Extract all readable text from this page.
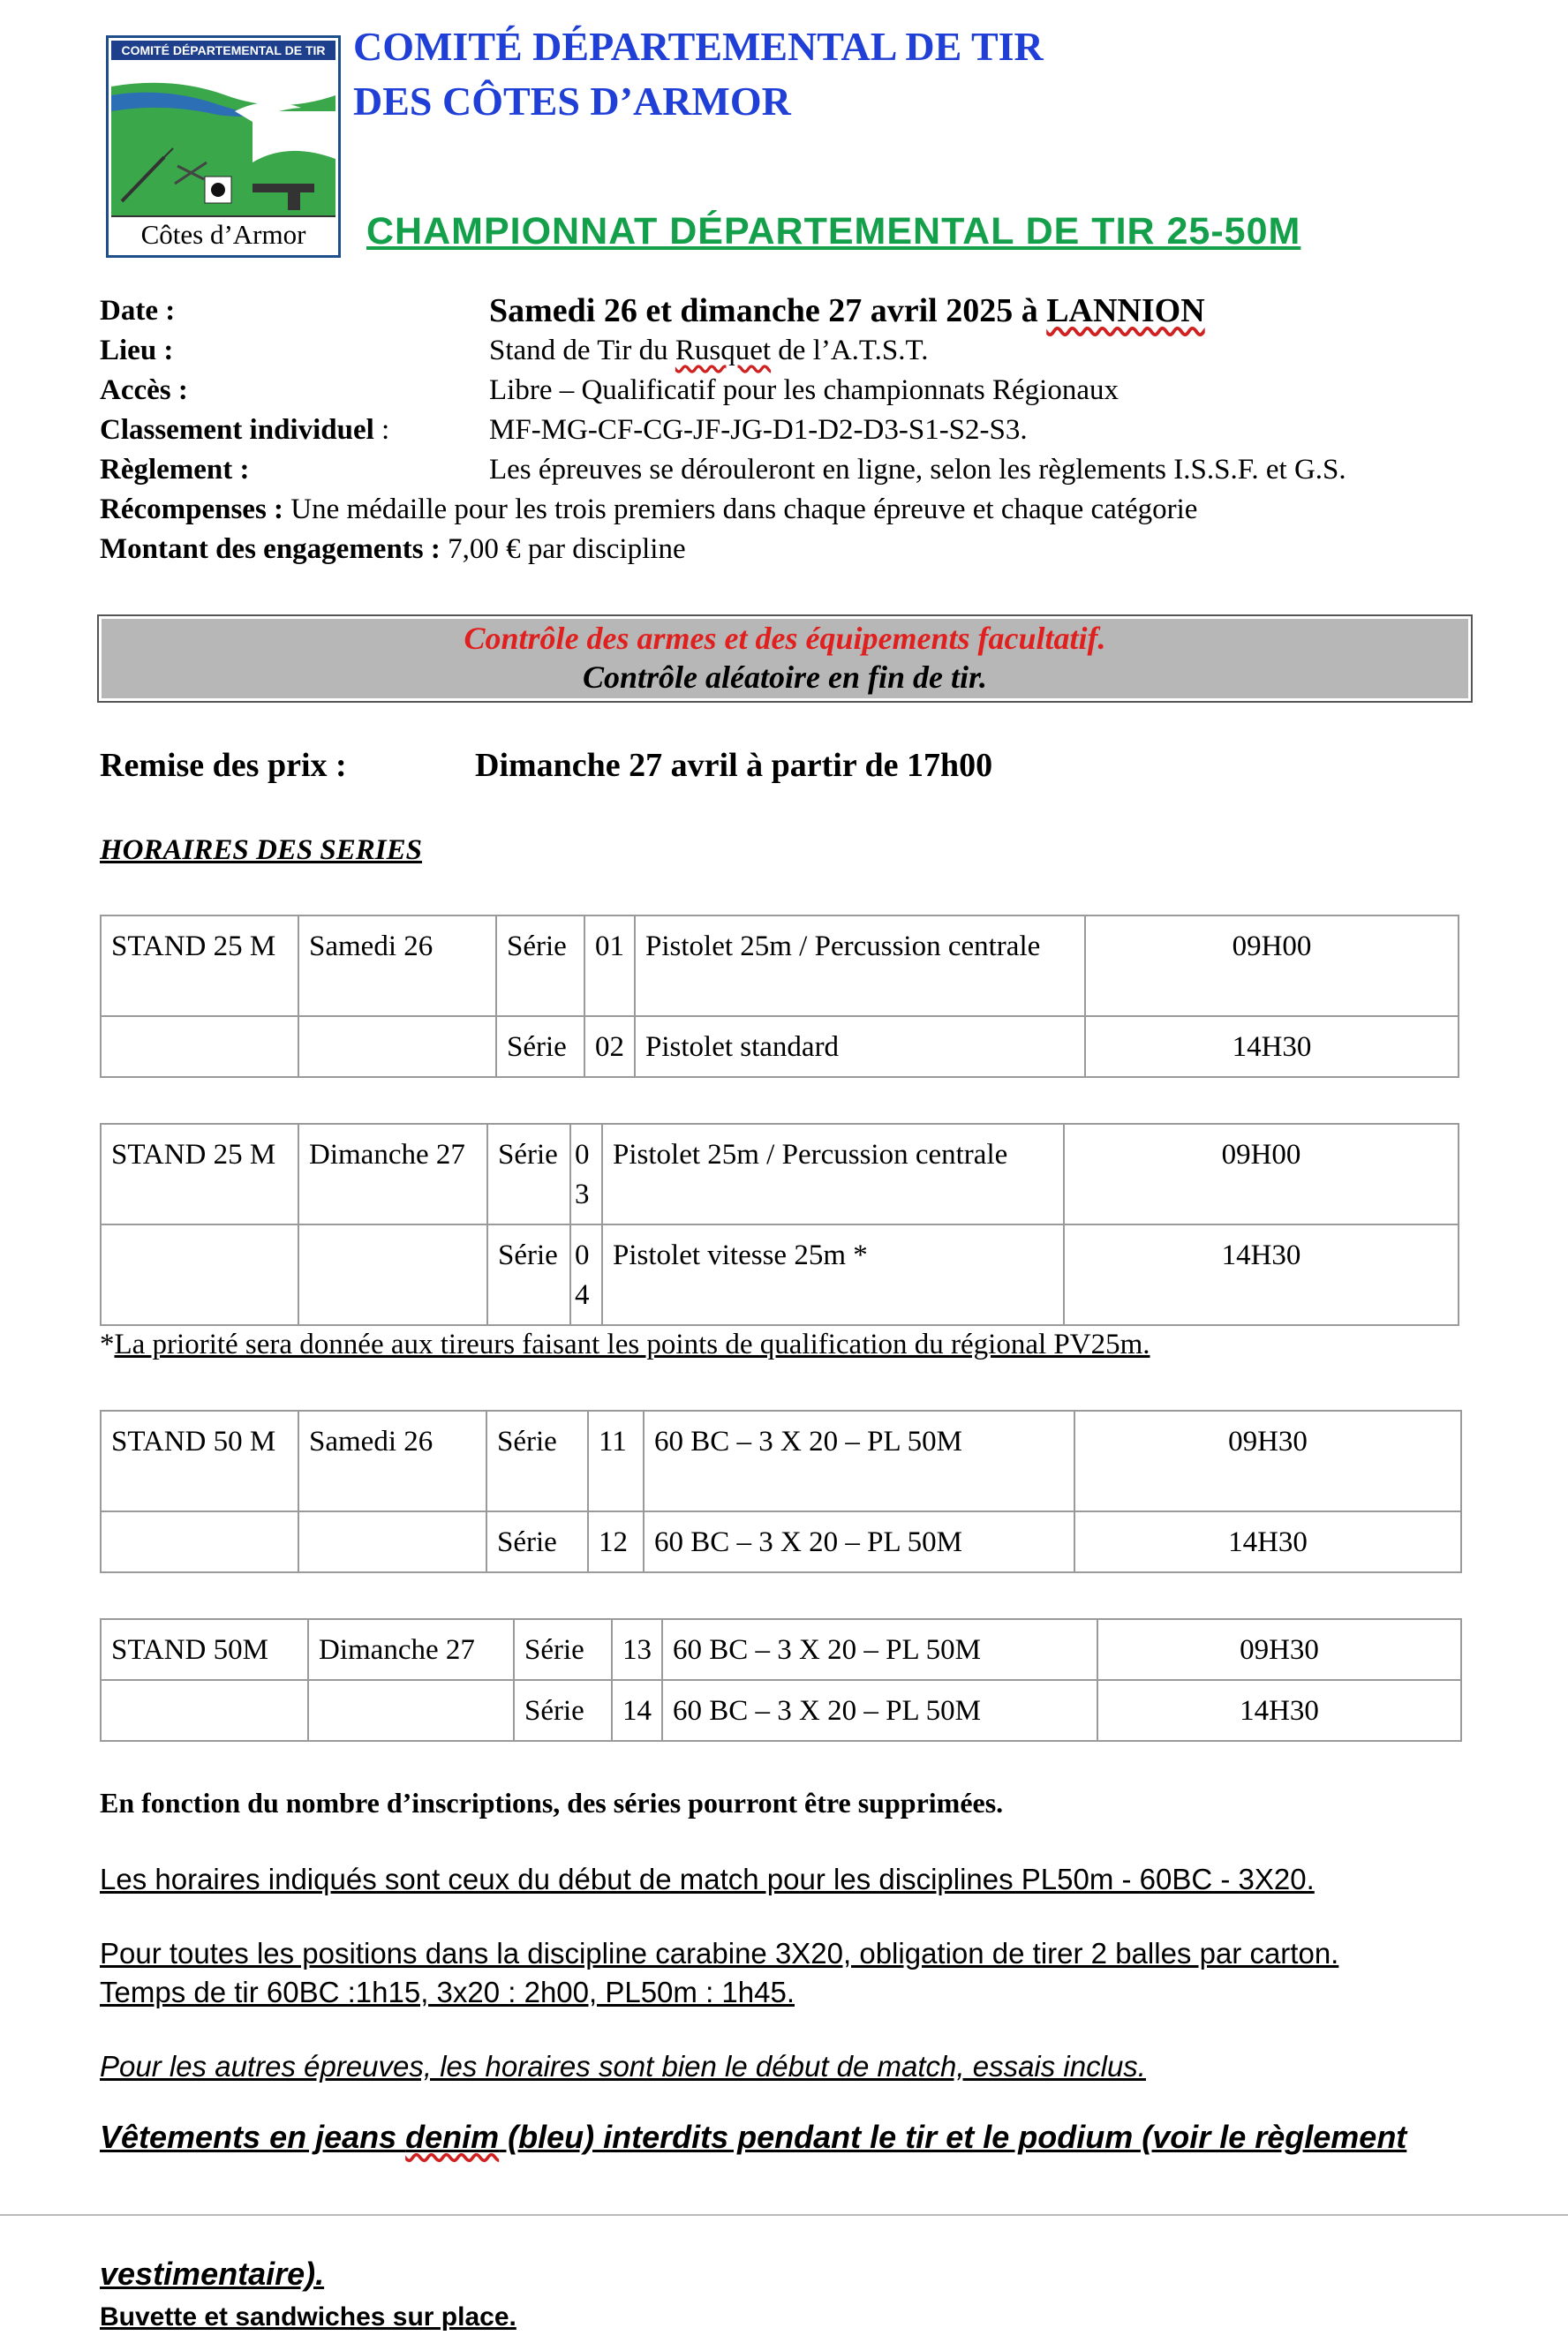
COMITÉ DÉPARTEMENTAL DE TIR
Côtes d’Armor
COMITÉ DÉPARTEMENTAL DE TIR
DES CÔTES D’ARMOR
CHAMPIONNAT DÉPARTEMENTAL DE TIR 25-50M
Date :	Samedi 26 et dimanche 27 avril 2025 à LANNION
Lieu :	Stand de Tir du Rusquet de l’A.T.S.T.
Accès :	Libre – Qualificatif pour les championnats Régionaux
Classement individuel :	MF-MG-CF-CG-JF-JG-D1-D2-D3-S1-S2-S3.
Règlement :	Les épreuves se dérouleront en ligne, selon les règlements I.S.S.F. et G.S.
Récompenses : Une médaille pour les trois premiers dans chaque épreuve et chaque catégorie
Montant des engagements : 7,00 € par discipline
Contrôle des armes et des équipements facultatif.
Contrôle aléatoire en fin de tir.
Remise des prix :	Dimanche 27 avril à partir de 17h00
HORAIRES DES SERIES
STAND 25 M	Samedi 26	Série	01	Pistolet 25m / Percussion centrale	09H00
		Série	02	Pistolet standard	14H30
STAND 25 M	Dimanche 27	Série	03	Pistolet 25m / Percussion centrale	09H00
		Série	04	Pistolet vitesse 25m *	14H30
*La priorité sera donnée aux tireurs faisant les points de qualification du régional PV25m.
STAND 50 M	Samedi 26	Série	11	60 BC – 3 X 20 – PL 50M	09H30
		Série	12	60 BC – 3 X 20 – PL 50M	14H30
STAND 50M	Dimanche 27	Série	13	60 BC – 3 X 20 – PL 50M	09H30
		Série	14	60 BC – 3 X 20 – PL 50M	14H30
En fonction du nombre d’inscriptions, des séries pourront être supprimées.
Les horaires indiqués sont ceux du début de match pour les disciplines PL50m - 60BC - 3X20.
Pour toutes les positions dans la discipline carabine 3X20, obligation de tirer 2 balles par carton.
Temps de tir 60BC :1h15, 3x20 : 2h00, PL50m : 1h45.
Pour les autres épreuves, les horaires sont bien le début de match, essais inclus.
Vêtements en jeans denim (bleu) interdits pendant le tir et le podium (voir le règlement
vestimentaire).
Buvette et sandwiches sur place.
